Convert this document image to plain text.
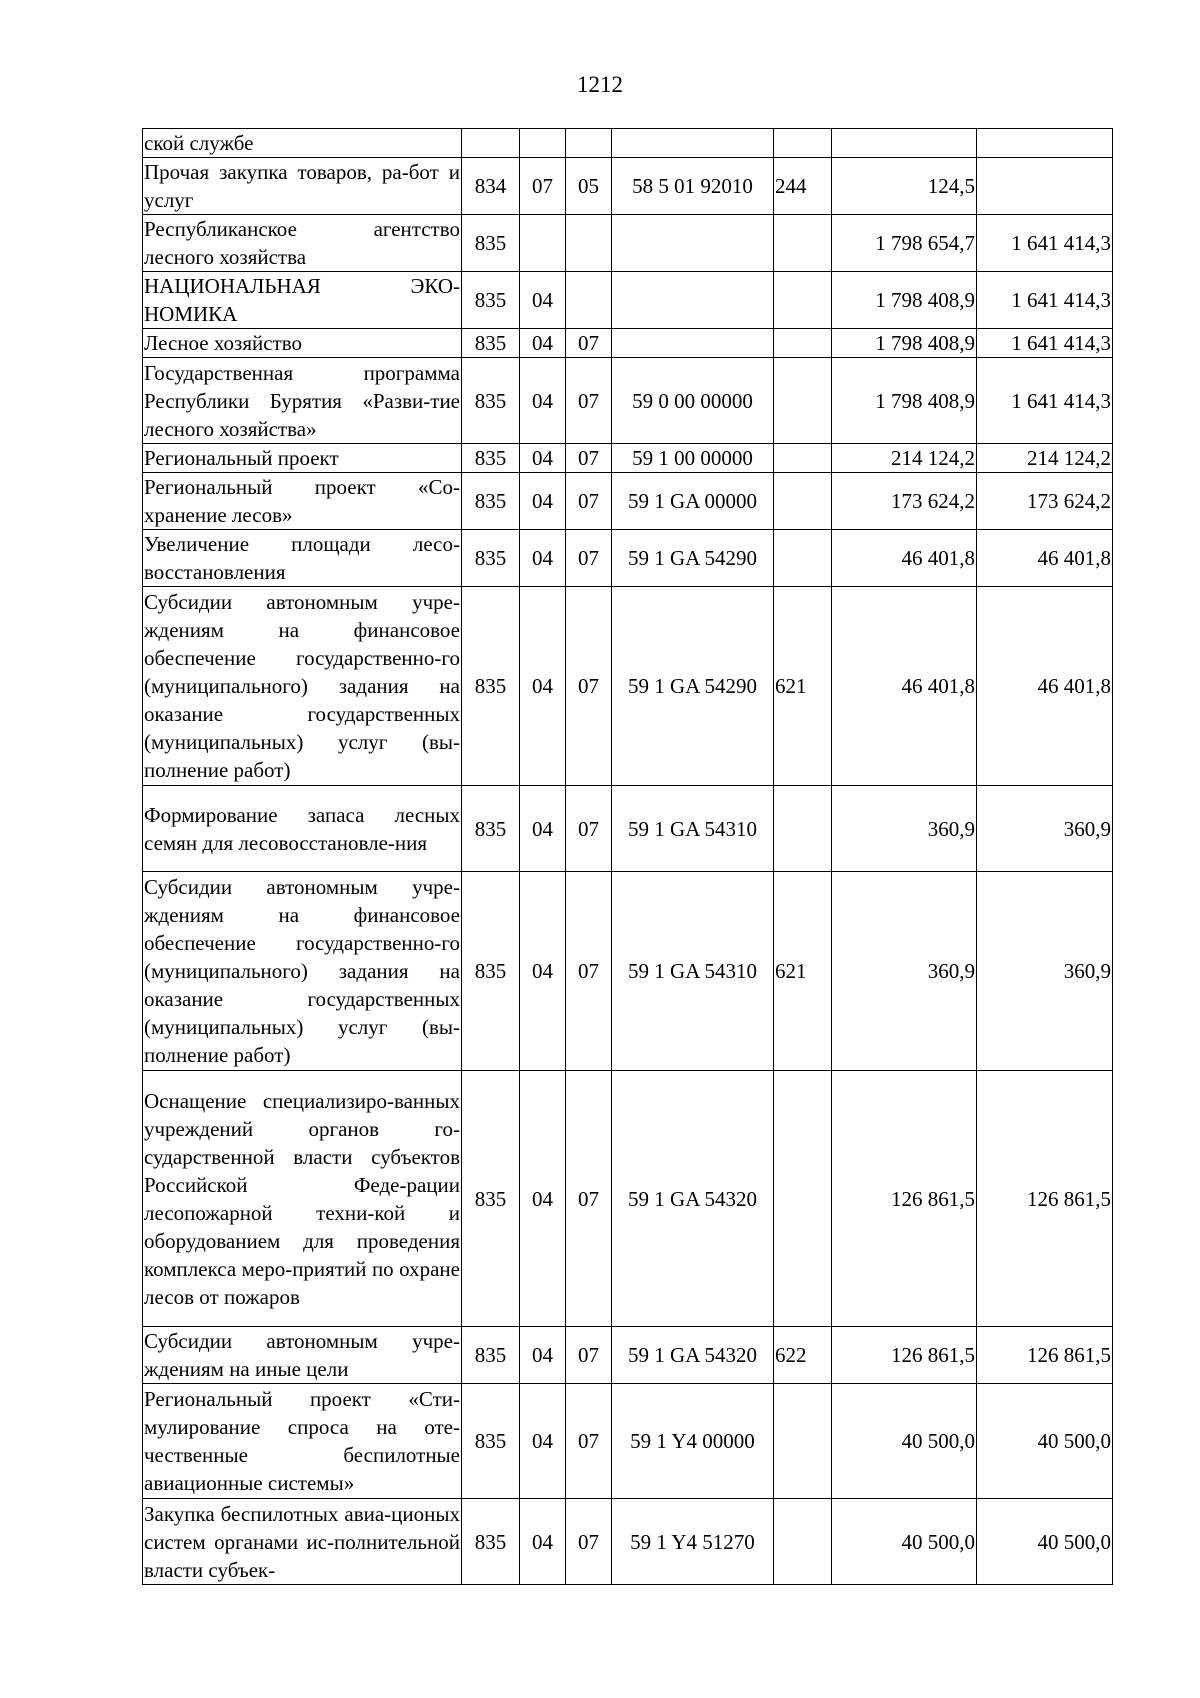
1212
ской службе							
Прочая закупка товаров, ра-бот и услуг	834	07	05	58 5 01 92010	244	124,5	
Республиканское агентство лесного хозяйства	835					1 798 654,7	1 641 414,3
НАЦИОНАЛЬНАЯ ЭКО-НОМИКА	835	04				1 798 408,9	1 641 414,3
Лесное хозяйство	835	04	07			1 798 408,9	1 641 414,3
Государственная программа Республики Бурятия «Разви-тие лесного хозяйства»	835	04	07	59 0 00 00000		1 798 408,9	1 641 414,3
Региональный проект	835	04	07	59 1 00 00000		214 124,2	214 124,2
Региональный проект «Со-хранение лесов»	835	04	07	59 1 GA 00000		173 624,2	173 624,2
Увеличение площади лесо-восстановления	835	04	07	59 1 GA 54290		46 401,8	46 401,8
Субсидии автономным учре-ждениям на финансовое обеспечение государственно-го (муниципального) задания на оказание государственных (муниципальных) услуг (вы-полнение работ)	835	04	07	59 1 GA 54290	621	46 401,8	46 401,8
Формирование запаса лесных семян для лесовосстановле-ния	835	04	07	59 1 GA 54310		360,9	360,9
Субсидии автономным учре-ждениям на финансовое обеспечение государственно-го (муниципального) задания на оказание государственных (муниципальных) услуг (вы-полнение работ)	835	04	07	59 1 GA 54310	621	360,9	360,9
Оснащение специализиро-ванных учреждений органов го-сударственной власти субъектов Российской Феде-рации лесопожарной техни-кой и оборудованием для проведения комплекса меро-приятий по охране лесов от пожаров	835	04	07	59 1 GA 54320		126 861,5	126 861,5
Субсидии автономным учре-ждениям на иные цели	835	04	07	59 1 GA 54320	622	126 861,5	126 861,5
Региональный проект «Сти-мулирование спроса на оте-чественные беспилотные авиационные системы»	835	04	07	59 1 Y4 00000		40 500,0	40 500,0
Закупка беспилотных авиа-ционых систем органами ис-полнительной власти субъек-	835	04	07	59 1 Y4 51270		40 500,0	40 500,0
